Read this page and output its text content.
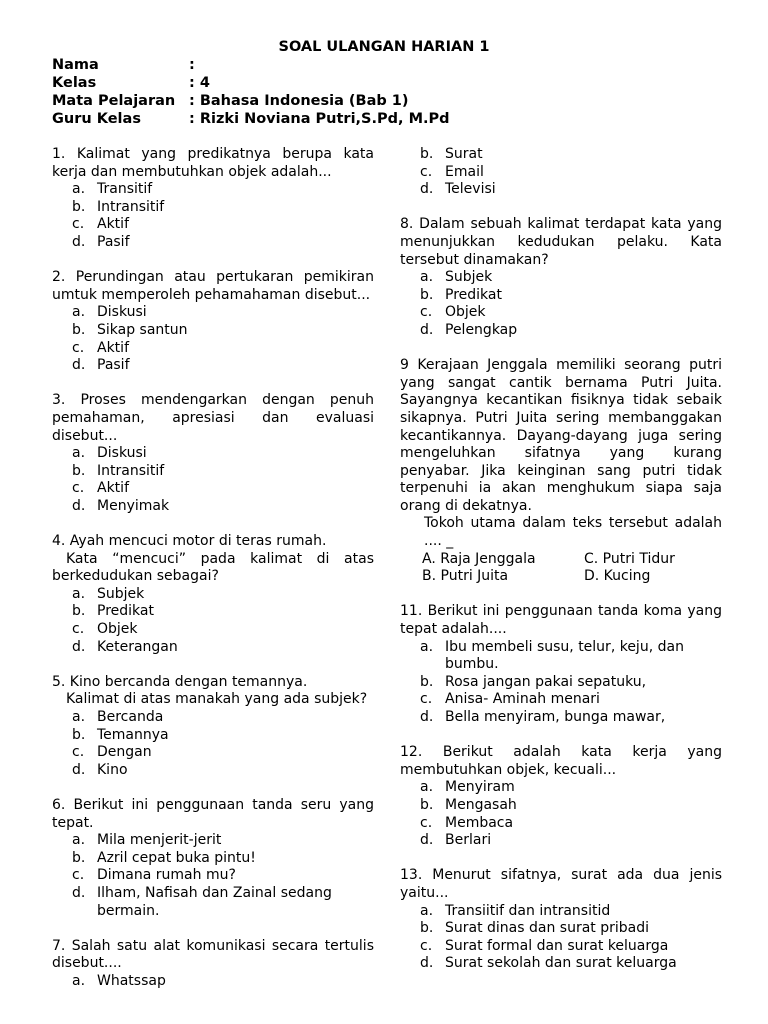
SOAL ULANGAN HARIAN 1
Nama	:
Kelas	: 4
Mata Pelajaran : Bahasa Indonesia (Bab 1)
Guru Kelas	: Rizki Noviana Putri,S.Pd, M.Pd
1. Kalimat yang predikatnya berupa kata kerja dan membutuhkan objek adalah...
a. Transitif
b. Intransitif
c. Aktif
d. Pasif
2. Perundingan atau pertukaran pemikiran umtuk memperoleh pehamahaman disebut...
a. Diskusi
b. Sikap santun
c. Aktif
d. Pasif
3. Proses mendengarkan dengan penuh pemahaman, apresiasi dan evaluasi disebut...
a. Diskusi
b. Intransitif
c. Aktif
d. Menyimak
4. Ayah mencuci motor di teras rumah.
Kata “mencuci” pada kalimat di atas berkedudukan sebagai?
a. Subjek
b. Predikat
c. Objek
d. Keterangan
5. Kino bercanda dengan temannya.
Kalimat di atas manakah yang ada subjek?
a. Bercanda
b. Temannya
c. Dengan
d. Kino
6. Berikut ini penggunaan tanda seru yang tepat.
a. Mila menjerit-jerit
b. Azril cepat buka pintu!
c. Dimana rumah mu?
d. Ilham, Nafisah dan Zainal sedang bermain.
7. Salah satu alat komunikasi secara tertulis disebut....
a. Whatssap
b. Surat
c. Email
d. Televisi
8. Dalam sebuah kalimat terdapat kata yang menunjukkan kedudukan pelaku. Kata tersebut dinamakan?
a. Subjek
b. Predikat
c. Objek
d. Pelengkap
9 Kerajaan Jenggala memiliki seorang putri yang sangat cantik bernama Putri Juita. Sayangnya kecantikan fisiknya tidak sebaik sikapnya. Putri Juita sering membanggakan kecantikannya. Dayang-dayang juga sering mengeluhkan sifatnya yang kurang penyabar. Jika keinginan sang putri tidak terpenuhi ia akan menghukum siapa saja orang di dekatnya.
Tokoh utama dalam teks tersebut adalah .... _
A. Raja Jenggala	C. Putri Tidur
B. Putri Juita	D. Kucing
11. Berikut ini penggunaan tanda koma yang tepat adalah....
a. Ibu membeli susu, telur, keju, dan bumbu.
b. Rosa jangan pakai sepatuku,
c. Anisa- Aminah menari
d. Bella menyiram, bunga mawar,
12. Berikut adalah kata kerja yang membutuhkan objek, kecuali...
a. Menyiram
b. Mengasah
c. Membaca
d. Berlari
13. Menurut sifatnya, surat ada dua jenis yaitu...
a. Transiitif dan intransitid
b. Surat dinas dan surat pribadi
c. Surat formal dan surat keluarga
d. Surat sekolah dan surat keluarga
